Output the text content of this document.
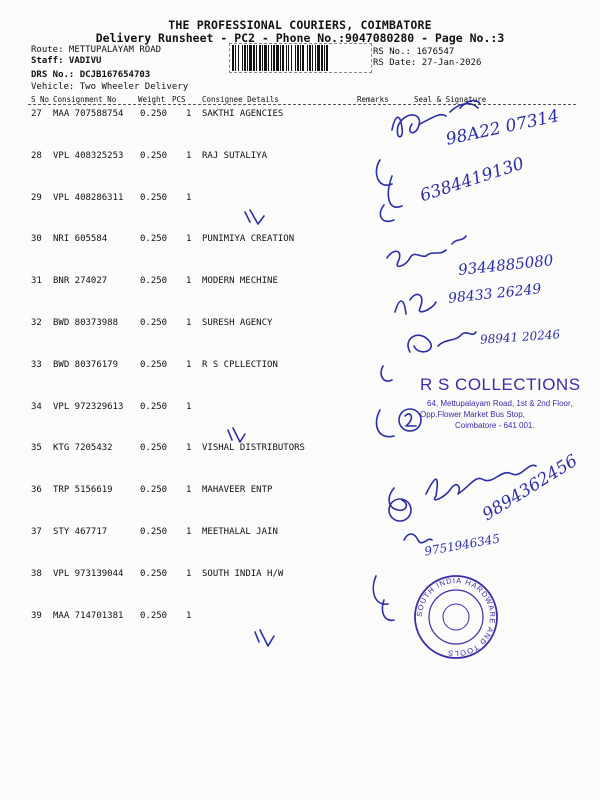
THE PROFESSIONAL COURIERS, COIMBATORE
Delivery Runsheet - PC2 - Phone No.:9047080280 - Page No.:3
Route: METTUPALAYAM ROAD
Staff: VADIVU
DRS No.: DCJB167654703
Vehicle: Two Wheeler Delivery
RS No.: 1676547
RS Date: 27-Jan-2026
S No Consignment No	Weight PCS Consignee Details	Remarks	Seal & Signature
27 MAA 707588754 0.250 1 SAKTHI AGENCIES
28 VPL 408325253 0.250 1 RAJ SUTALIYA
29 VPL 408286311 0.250 1
30 NRI 605584	0.250 1 PUNIMIYA CREATION
31 BNR 274027	0.250 1 MODERN MECHINE
32 BWD 80373988 0.250 1 SURESH AGENCY
33 BWD 80376179 0.250 1 R S CPLLECTION
34 VPL 972329613 0.250 1
35 KTG 7205432	0.250 1 VISHAL DISTRIBUTORS
36 TRP 5156619	0.250 1 MAHAVEER ENTP
37 STY 467717	0.250 1 MEETHALAL JAIN
38 VPL 973139044 0.250 1 SOUTH INDIA H/W
39 MAA 714701381 0.250 1	SOUTH INDIA HARDWARE AND TOOLS
R S COLLECTIONS
64, Mettupalayam Road, 1st & 2nd Floor,
Opp.Flower Market Bus Stop,
Coimbatore - 641 001.
98A22 07314
6384419130
9344885080
98433 26249
98941 20246
9894362456
9751946345
